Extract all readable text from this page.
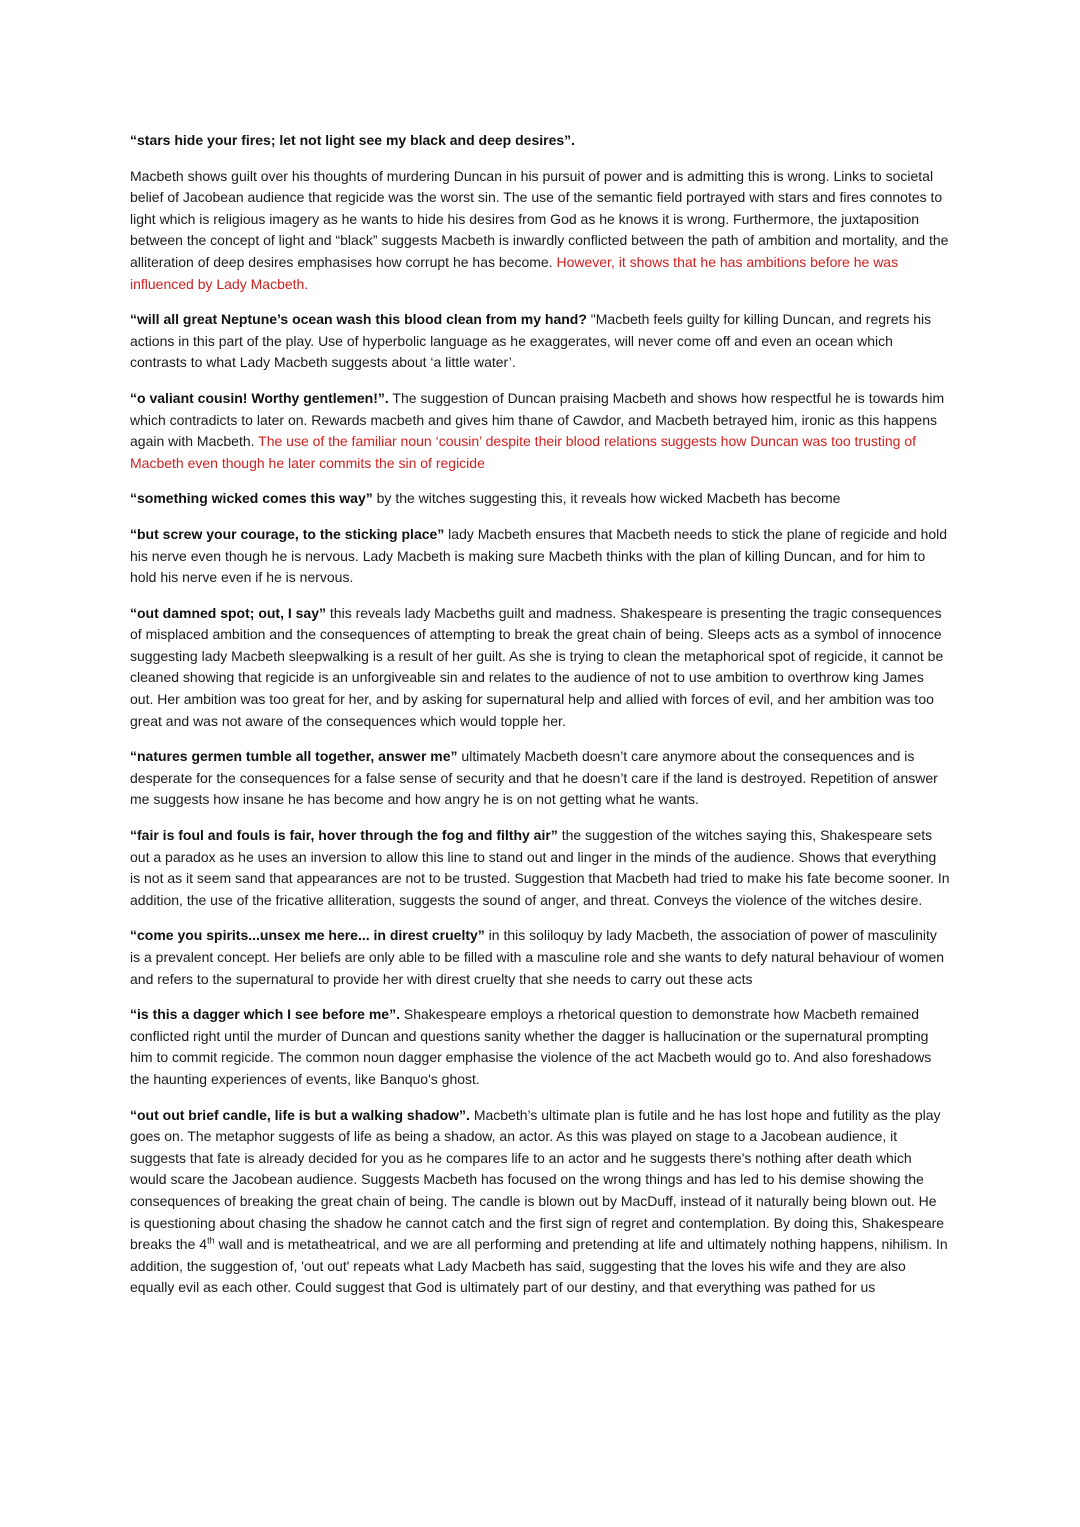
“stars hide your fires; let not light see my black and deep desires”.

Macbeth shows guilt over his thoughts of murdering Duncan in his pursuit of power and is admitting this is wrong. Links to societal belief of Jacobean audience that regicide was the worst sin. The use of the semantic field portrayed with stars and fires connotes to light which is religious imagery as he wants to hide his desires from God as he knows it is wrong. Furthermore, the juxtaposition between the concept of light and “black” suggests Macbeth is inwardly conflicted between the path of ambition and mortality, and the alliteration of deep desires emphasises how corrupt he has become. However, it shows that he has ambitions before he was influenced by Lady Macbeth.

“will all great Neptune’s ocean wash this blood clean from my hand? "Macbeth feels guilty for killing Duncan, and regrets his actions in this part of the play. Use of hyperbolic language as he exaggerates, will never come off and even an ocean which contrasts to what Lady Macbeth suggests about ‘a little water’.

“o valiant cousin! Worthy gentlemen!”. The suggestion of Duncan praising Macbeth and shows how respectful he is towards him which contradicts to later on. Rewards macbeth and gives him thane of Cawdor, and Macbeth betrayed him, ironic as this happens again with Macbeth. The use of the familiar noun ‘cousin’ despite their blood relations suggests how Duncan was too trusting of Macbeth even though he later commits the sin of regicide

“something wicked comes this way” by the witches suggesting this, it reveals how wicked Macbeth has become

“but screw your courage, to the sticking place” lady Macbeth ensures that Macbeth needs to stick the plane of regicide and hold his nerve even though he is nervous. Lady Macbeth is making sure Macbeth thinks with the plan of killing Duncan, and for him to hold his nerve even if he is nervous.

“out damned spot; out, I say” this reveals lady Macbeths guilt and madness. Shakespeare is presenting the tragic consequences of misplaced ambition and the consequences of attempting to break the great chain of being. Sleeps acts as a symbol of innocence suggesting lady Macbeth sleepwalking is a result of her guilt. As she is trying to clean the metaphorical spot of regicide, it cannot be cleaned showing that regicide is an unforgiveable sin and relates to the audience of not to use ambition to overthrow king James out. Her ambition was too great for her, and by asking for supernatural help and allied with forces of evil, and her ambition was too great and was not aware of the consequences which would topple her.

“natures germen tumble all together, answer me” ultimately Macbeth doesn’t care anymore about the consequences and is desperate for the consequences for a false sense of security and that he doesn’t care if the land is destroyed. Repetition of answer me suggests how insane he has become and how angry he is on not getting what he wants.

“fair is foul and fouls is fair, hover through the fog and filthy air” the suggestion of the witches saying this, Shakespeare sets out a paradox as he uses an inversion to allow this line to stand out and linger in the minds of the audience. Shows that everything is not as it seem sand that appearances are not to be trusted. Suggestion that Macbeth had tried to make his fate become sooner. In addition, the use of the fricative alliteration, suggests the sound of anger, and threat. Conveys the violence of the witches desire.

“come you spirits...unsex me here... in direst cruelty” in this soliloquy by lady Macbeth, the association of power of masculinity is a prevalent concept. Her beliefs are only able to be filled with a masculine role and she wants to defy natural behaviour of women and refers to the supernatural to provide her with direst cruelty that she needs to carry out these acts

“is this a dagger which I see before me”. Shakespeare employs a rhetorical question to demonstrate how Macbeth remained conflicted right until the murder of Duncan and questions sanity whether the dagger is hallucination or the supernatural prompting him to commit regicide. The common noun dagger emphasise the violence of the act Macbeth would go to. And also foreshadows the haunting experiences of events, like Banquo's ghost.

“out out brief candle, life is but a walking shadow”. Macbeth’s ultimate plan is futile and he has lost hope and futility as the play goes on. The metaphor suggests of life as being a shadow, an actor. As this was played on stage to a Jacobean audience, it suggests that fate is already decided for you as he compares life to an actor and he suggests there's nothing after death which would scare the Jacobean audience. Suggests Macbeth has focused on the wrong things and has led to his demise showing the consequences of breaking the great chain of being. The candle is blown out by MacDuff, instead of it naturally being blown out. He is questioning about chasing the shadow he cannot catch and the first sign of regret and contemplation. By doing this, Shakespeare breaks the 4th wall and is metatheatrical, and we are all performing and pretending at life and ultimately nothing happens, nihilism. In addition, the suggestion of, 'out out' repeats what Lady Macbeth has said, suggesting that the loves his wife and they are also equally evil as each other. Could suggest that God is ultimately part of our destiny, and that everything was pathed for us
